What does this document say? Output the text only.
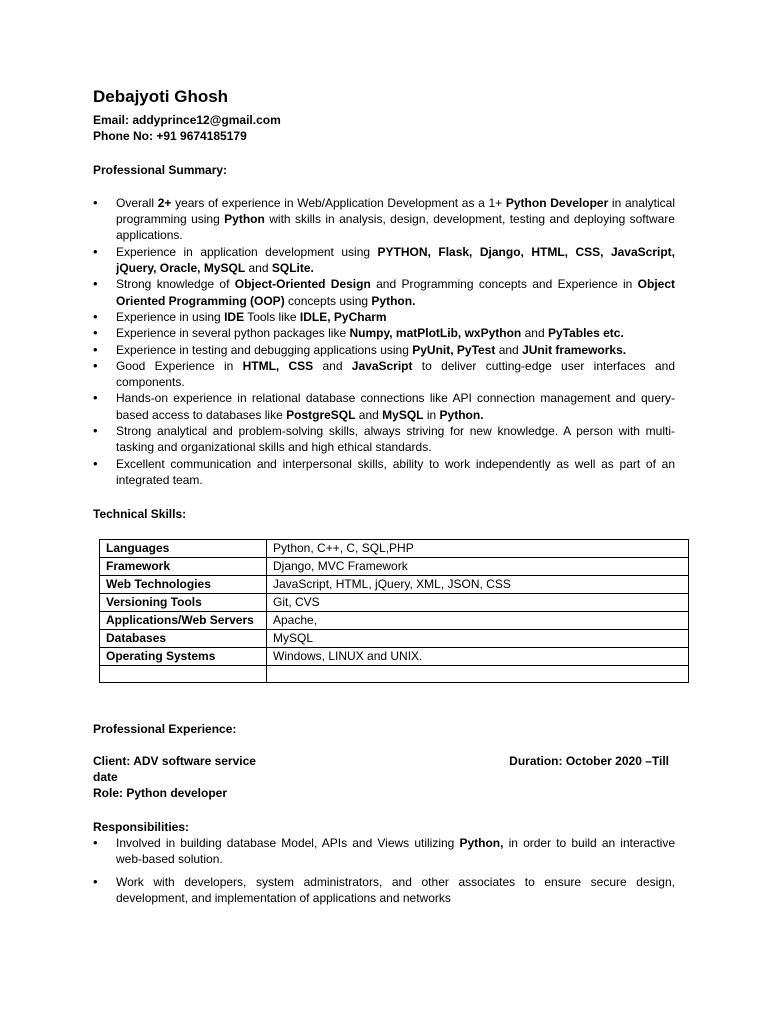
Debajyoti Ghosh
Email: addyprince12@gmail.com
Phone No: +91 9674185179
Professional Summary:
• Overall 2+ years of experience in Web/Application Development as a 1+ Python Developer in analytical programming using Python with skills in analysis, design, development, testing and deploying software applications.
• Experience in application development using PYTHON, Flask, Django, HTML, CSS, JavaScript, jQuery, Oracle, MySQL and SQLite.
• Strong knowledge of Object-Oriented Design and Programming concepts and Experience in Object Oriented Programming (OOP) concepts using Python.
• Experience in using IDE Tools like IDLE, PyCharm
• Experience in several python packages like Numpy, matPlotLib, wxPython and PyTables etc.
• Experience in testing and debugging applications using PyUnit, PyTest and JUnit frameworks.
• Good Experience in HTML, CSS and JavaScript to deliver cutting-edge user interfaces and components.
• Hands-on experience in relational database connections like API connection management and query-based access to databases like PostgreSQL and MySQL in Python.
• Strong analytical and problem-solving skills, always striving for new knowledge. A person with multi-tasking and organizational skills and high ethical standards.
• Excellent communication and interpersonal skills, ability to work independently as well as part of an integrated team.
Technical Skills:
Languages	Python, C++, C, SQL,PHP
Framework	Django, MVC Framework
Web Technologies	JavaScript, HTML, jQuery, XML, JSON, CSS
Versioning Tools	Git, CVS
Applications/Web Servers	Apache,
Databases	MySQL
Operating Systems	Windows, LINUX and UNIX.

Professional Experience:
Client: ADV software service	Duration: October 2020 –Till
date
Role: Python developer
Responsibilities:
• Involved in building database Model, APIs and Views utilizing Python, in order to build an interactive web-based solution.
• Work with developers, system administrators, and other associates to ensure secure design, development, and implementation of applications and networks
